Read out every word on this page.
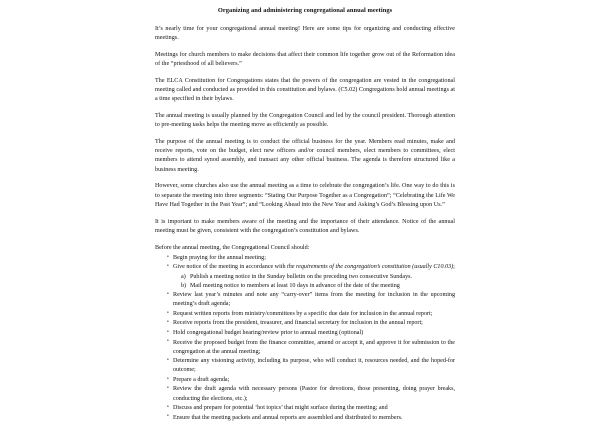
Organizing and administering congregational annual meetings

It’s nearly time for your congregational annual meeting! Here are some tips for organizing and conducting effective meetings.

Meetings for church members to make decisions that affect their common life together grow out of the Reformation idea of the “priesthood of all believers.”

The ELCA Constitution for Congregations states that the powers of the congregation are vested in the congregational meeting called and conducted as provided in this constitution and bylaws. (C5.02) Congregations hold annual meetings at a time specified in their bylaws.

The annual meeting is usually planned by the Congregation Council and led by the council president. Thorough attention to pre-meeting tasks helps the meeting move as efficiently as possible.

The purpose of the annual meeting is to conduct the official business for the year. Members read minutes, make and receive reports, vote on the budget, elect new officers and/or council members, elect members to committees, elect members to attend synod assembly, and transact any other official business. The agenda is therefore structured like a business meeting.

However, some churches also use the annual meeting as a time to celebrate the congregation’s life. One way to do this is to separate the meeting into three segments: “Stating Our Purpose Together as a Congregation”; “Celebrating the Life We Have Had Together in the Past Year”; and “Looking Ahead into the New Year and Asking’s God’s Blessing upon Us.”

It is important to make members aware of the meeting and the importance of their attendance. Notice of the annual meeting must be given, consistent with the congregation’s constitution and bylaws.

Before the annual meeting, the Congregational Council should:

• Begin praying for the annual meeting;
• Give notice of the meeting in accordance with the requirements of the congregation’s constitution (usually C10.03);
a) Publish a meeting notice in the Sunday bulletin on the preceding two consecutive Sundays.
b) Mail meeting notice to members at least 10 days in advance of the date of the meeting
• Review last year’s minutes and note any “carry-over” items from the meeting for inclusion in the upcoming meeting’s draft agenda;
• Request written reports from ministry/committees by a specific due date for inclusion in the annual report;
• Receive reports from the president, treasurer, and financial secretary for inclusion in the annual report;
• Hold congregational budget hearing/review prior to annual meeting (optional)
• Receive the proposed budget from the finance committee, amend or accept it, and approve it for submission to the congregation at the annual meeting;
• Determine any visioning activity, including its purpose, who will conduct it, resources needed, and the hoped-for outcome;
• Prepare a draft agenda;
• Review the draft agenda with necessary persons (Pastor for devotions, those presenting, doing prayer breaks, conducting the elections, etc.);
• Discuss and prepare for potential ‘hot topics’ that might surface during the meeting; and
• Ensure that the meeting packets and annual reports are assembled and distributed to members.
